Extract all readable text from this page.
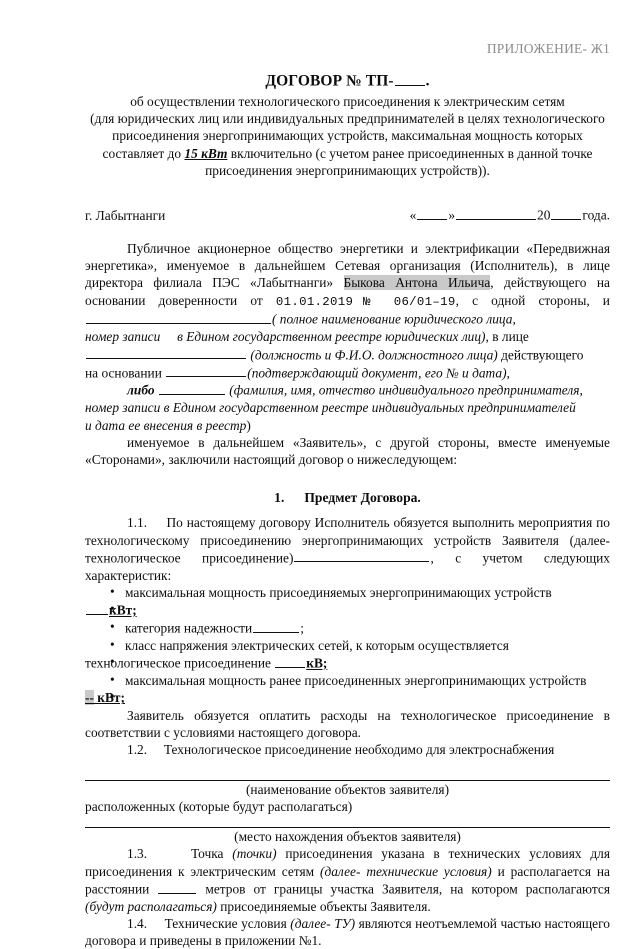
ПРИЛОЖЕНИЕ- Ж1
ДОГОВОР № ТП- .
об осуществлении технологического присоединения к электрическим сетям
(для юридических лиц или индивидуальных предпринимателей в целях технологического
присоединения энергопринимающих устройств, максимальная мощность которых
составляет до 15 кВт включительно (с учетом ранее присоединенных в данной точке
присоединения энергопринимающих устройств)).
г. Лабытнанги	« »	20 года.

Публичное акционерное общество энергетики и электрификации «Передвижная энергетика», именуемое в дальнейшем Сетевая организация (Исполнитель), в лице директора филиала ПЭС «Лабытнанги» Быкова Антона Ильича, действующего на основании доверенности от 01.01.2019№ 06/01–19, с одной стороны, и ( полное наименование юридического лица,

номер записи в Едином государственном реестре юридических лиц), в лице

(должность и Ф.И.О. должностного лица) действующего

на основании	(подтверждающий документ, его № и дата),

либо	(фамилия, имя, отчество индивидуального предпринимателя,

номер записи в Едином государственном реестре индивидуальных предпринимателей

и дата ее внесения в реестр)

именуемое в дальнейшем «Заявитель», с другой стороны, вместе именуемые «Сторонами», заключили настоящий договор о нижеследующем:

1. Предмет Договора.

1.1. По настоящему договору Исполнитель обязуется выполнить мероприятия по технологическому присоединению энергопринимающих устройств Заявителя (далее- технологическое присоединение)	, с учетом следующих характеристик:

• максимальная мощность присоединяемых энергопринимающих устройств

• кВт;

• категория надежности	;

• класс напряжения электрических сетей, к которым осуществляется

• технологическое присоединение кВ;

• максимальная мощность ранее присоединенных энергопринимающих устройств

• -- кВт;

Заявитель обязуется оплатить расходы на технологическое присоединение в соответствии с условиями настоящего договора.

1.2. Технологическое присоединение необходимо для электроснабжения

(наименование объектов заявителя)

расположенных (которые будут располагаться)

(место нахождения объектов заявителя)

1.3.	Точка (точки) присоединения указана в технических условиях для присоединения к электрическим сетям (далее- технические условия) и располагается на расстоянии	метров от границы участка Заявителя, на котором располагаются (будут располагаться) присоединяемые объекты Заявителя.

1.4. Технические условия (далее- ТУ) являются неотъемлемой частью настоящего договора и приведены в приложении №1.
